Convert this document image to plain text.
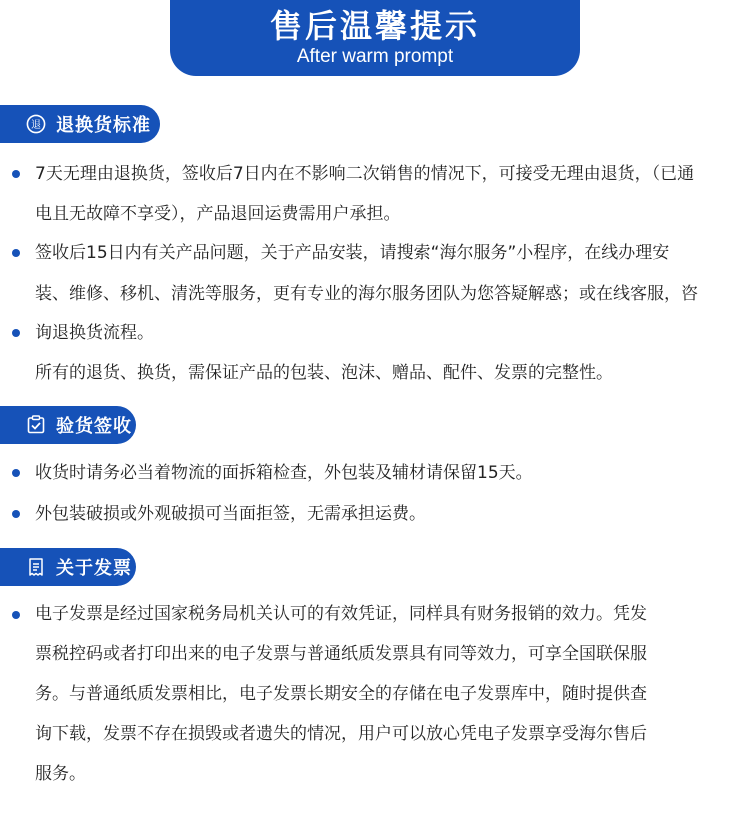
售后温馨提示
After warm prompt
退 退换货标准
7天无理由退换货，签收后7日内在不影响二次销售的情况下，可接受无理由退货，（已通
电且无故障不享受），产品退回运费需用户承担。
签收后15日内有关产品问题，关于产品安装，请搜索“海尔服务”小程序，在线办理安
装、维修、移机、清洗等服务，更有专业的海尔服务团队为您答疑解惑；或在线客服，咨
询退换货流程。
所有的退货、换货，需保证产品的包装、泡沫、赠品、配件、发票的完整性。
验货签收
收货时请务必当着物流的面拆箱检查，外包装及辅材请保留15天。
外包装破损或外观破损可当面拒签，无需承担运费。
关于发票
电子发票是经过国家税务局机关认可的有效凭证，同样具有财务报销的效力。凭发
票税控码或者打印出来的电子发票与普通纸质发票具有同等效力，可享全国联保服
务。与普通纸质发票相比，电子发票长期安全的存储在电子发票库中，随时提供查
询下载，发票不存在损毁或者遗失的情况，用户可以放心凭电子发票享受海尔售后
服务。
